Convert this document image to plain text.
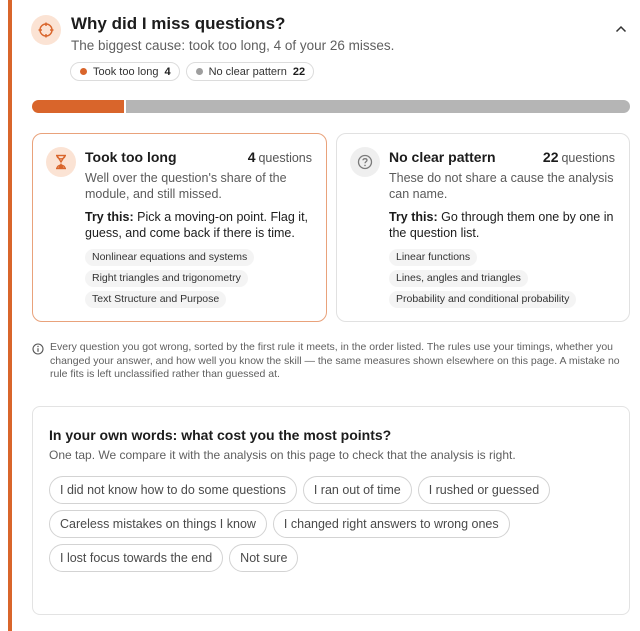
Why did I miss questions?
The biggest cause: took too long, 4 of your 26 misses.
Took too long 4	No clear pattern 22
Took too long	4 questions
Well over the question's share of the module, and still missed.
Try this: Pick a moving-on point. Flag it, guess, and come back if there is time.
Nonlinear equations and systems
Right triangles and trigonometry
Text Structure and Purpose
No clear pattern	22 questions
These do not share a cause the analysis can name.
Try this: Go through them one by one in the question list.
Linear functions
Lines, angles and triangles
Probability and conditional probability
Every question you got wrong, sorted by the first rule it meets, in the order listed. The rules use your timings, whether you changed your answer, and how well you know the skill — the same measures shown elsewhere on this page. A mistake no rule fits is left unclassified rather than guessed at.
In your own words: what cost you the most points?
One tap. We compare it with the analysis on this page to check that the analysis is right.
I did not know how to do some questions	I ran out of time	I rushed or guessed
Careless mistakes on things I know	I changed right answers to wrong ones
I lost focus towards the end	Not sure
